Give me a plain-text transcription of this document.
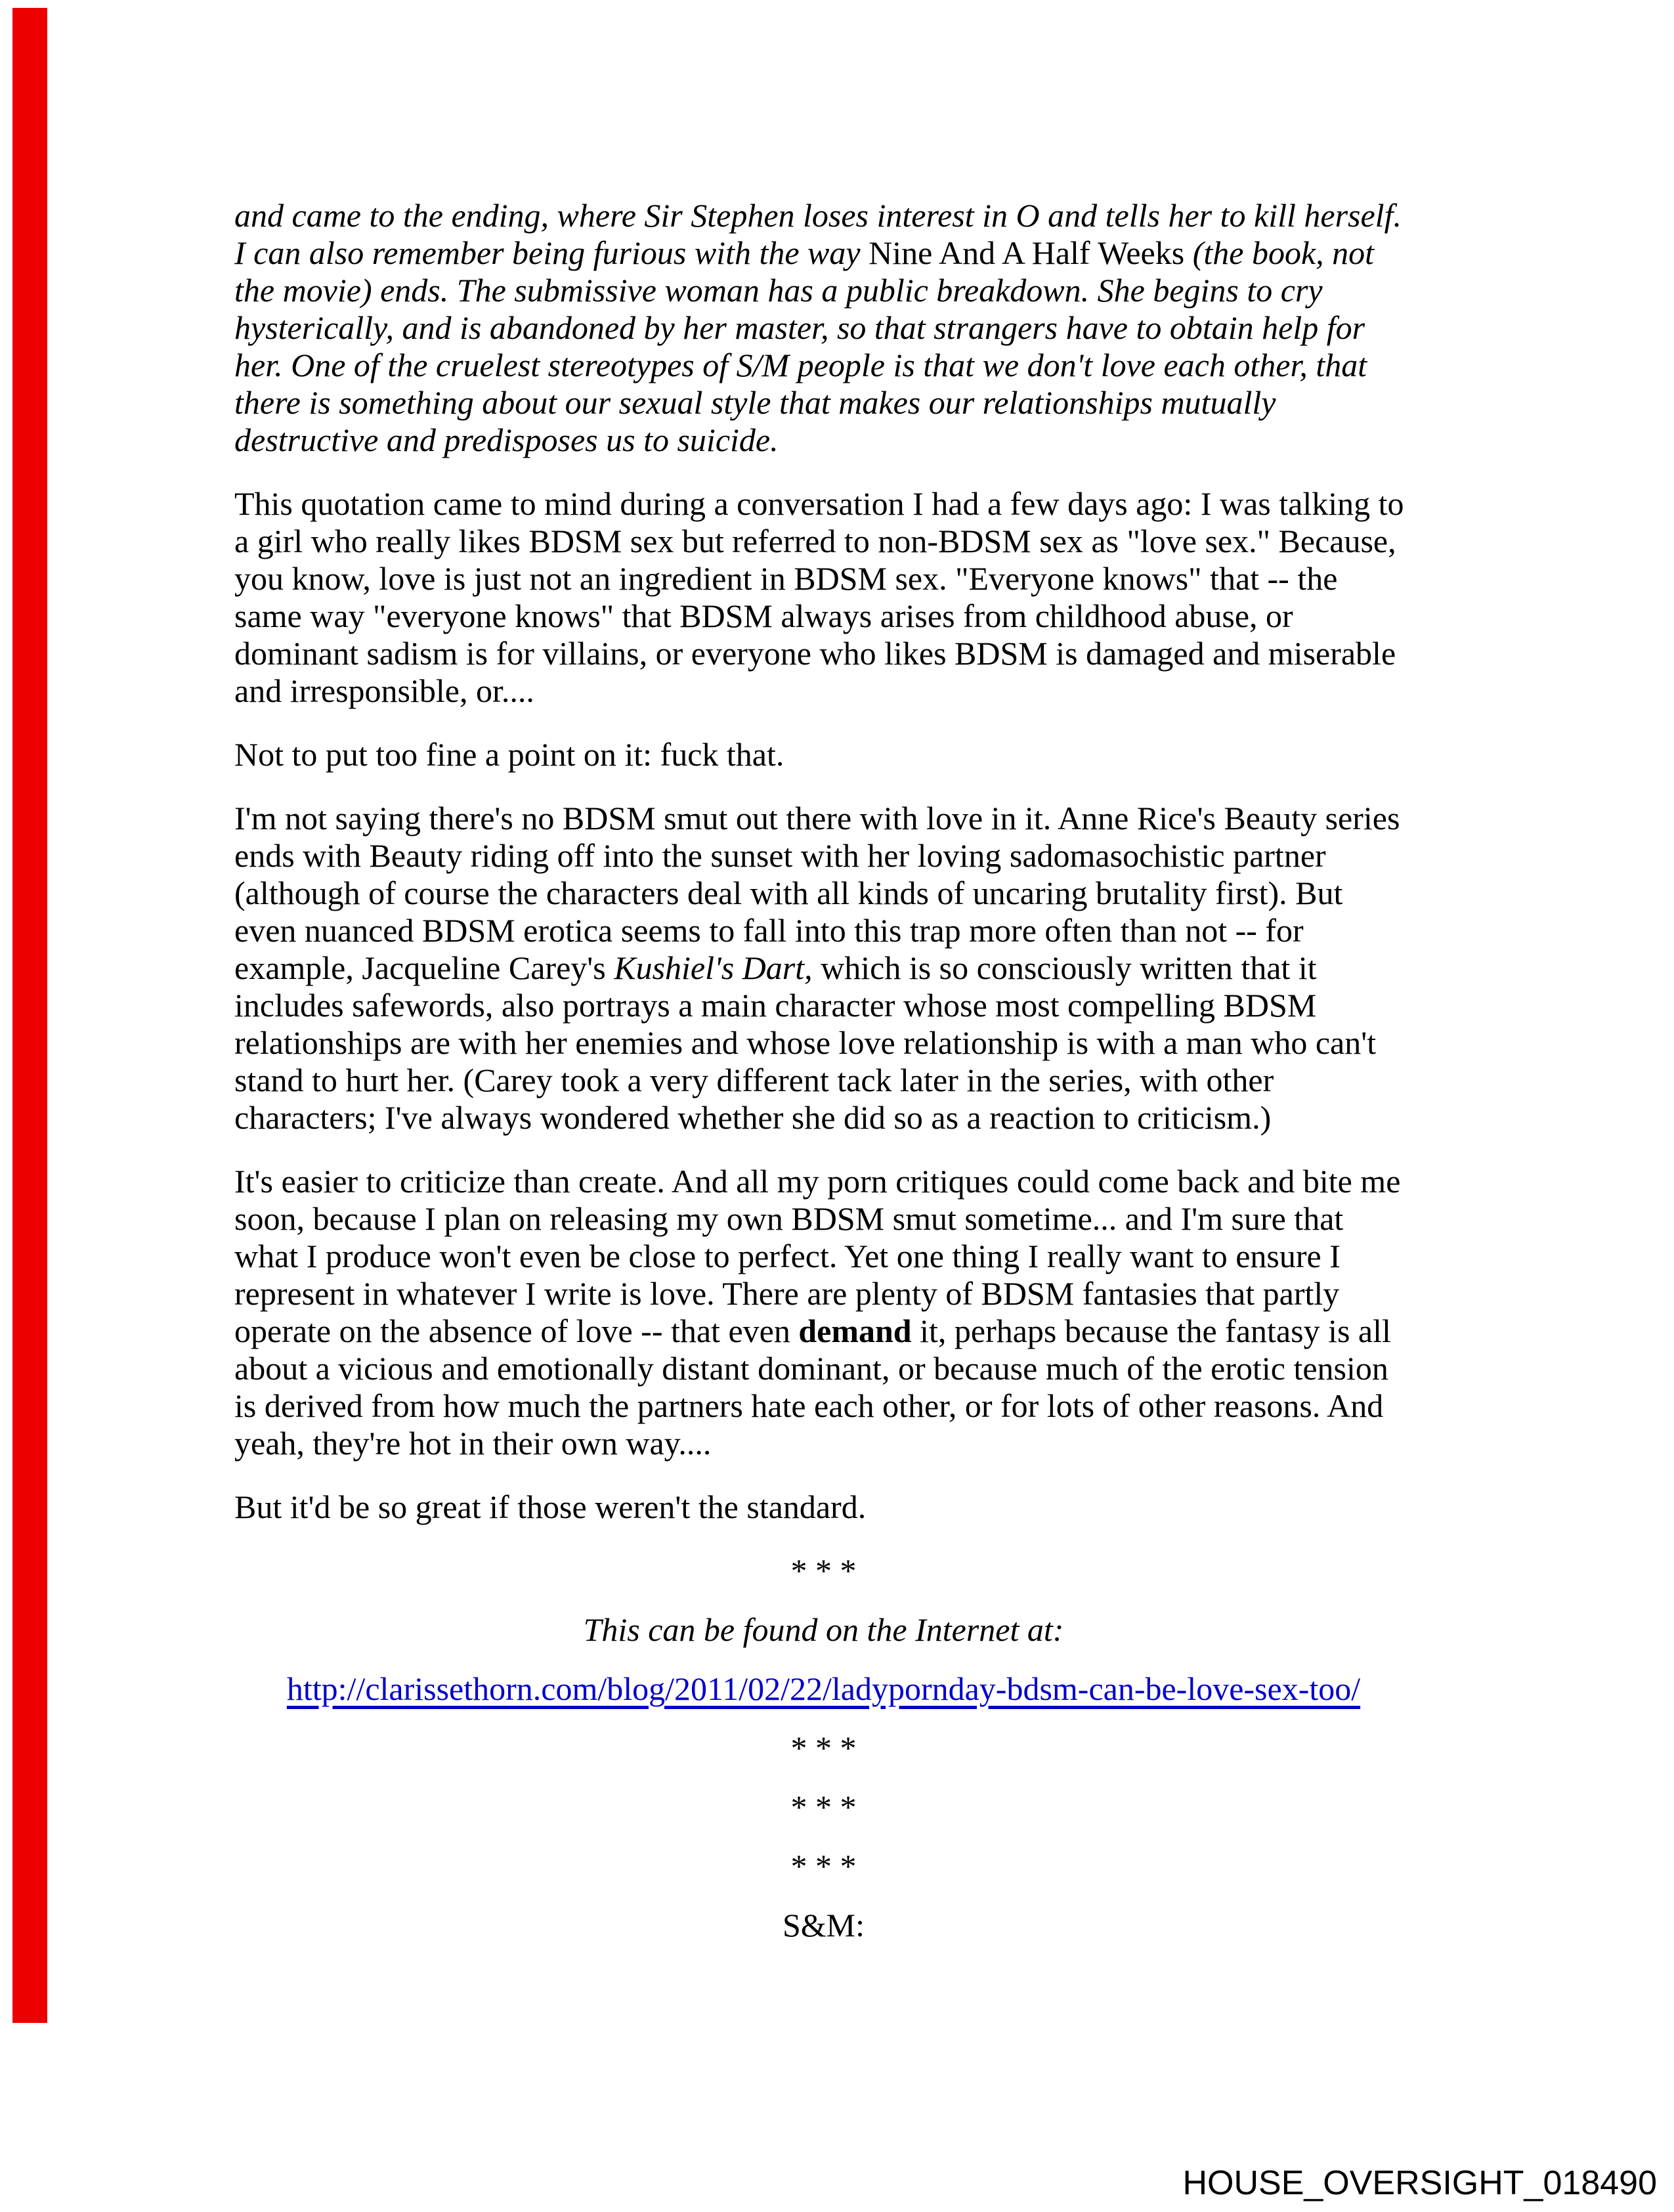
and came to the ending, where Sir Stephen loses interest in O and tells her to kill herself. I can also remember being furious with the way Nine And A Half Weeks (the book, not the movie) ends. The submissive woman has a public breakdown. She begins to cry hysterically, and is abandoned by her master, so that strangers have to obtain help for her. One of the cruelest stereotypes of S/M people is that we don't love each other, that there is something about our sexual style that makes our relationships mutually destructive and predisposes us to suicide.

This quotation came to mind during a conversation I had a few days ago: I was talking to a girl who really likes BDSM sex but referred to non-BDSM sex as "love sex." Because, you know, love is just not an ingredient in BDSM sex. "Everyone knows" that -- the same way "everyone knows" that BDSM always arises from childhood abuse, or dominant sadism is for villains, or everyone who likes BDSM is damaged and miserable and irresponsible, or....

Not to put too fine a point on it: fuck that.

I'm not saying there's no BDSM smut out there with love in it. Anne Rice's Beauty series ends with Beauty riding off into the sunset with her loving sadomasochistic partner (although of course the characters deal with all kinds of uncaring brutality first). But even nuanced BDSM erotica seems to fall into this trap more often than not -- for example, Jacqueline Carey's Kushiel's Dart, which is so consciously written that it includes safewords, also portrays a main character whose most compelling BDSM relationships are with her enemies and whose love relationship is with a man who can't stand to hurt her. (Carey took a very different tack later in the series, with other characters; I've always wondered whether she did so as a reaction to criticism.)

It's easier to criticize than create. And all my porn critiques could come back and bite me soon, because I plan on releasing my own BDSM smut sometime... and I'm sure that what I produce won't even be close to perfect. Yet one thing I really want to ensure I represent in whatever I write is love. There are plenty of BDSM fantasies that partly operate on the absence of love -- that even demand it, perhaps because the fantasy is all about a vicious and emotionally distant dominant, or because much of the erotic tension is derived from how much the partners hate each other, or for lots of other reasons. And yeah, they're hot in their own way....

But it'd be so great if those weren't the standard.

* * *

This can be found on the Internet at:

http://clarissethorn.com/blog/2011/02/22/ladypornday-bdsm-can-be-love-sex-too/

* * *

* * *

* * *

S&M:

HOUSE_OVERSIGHT_018490
